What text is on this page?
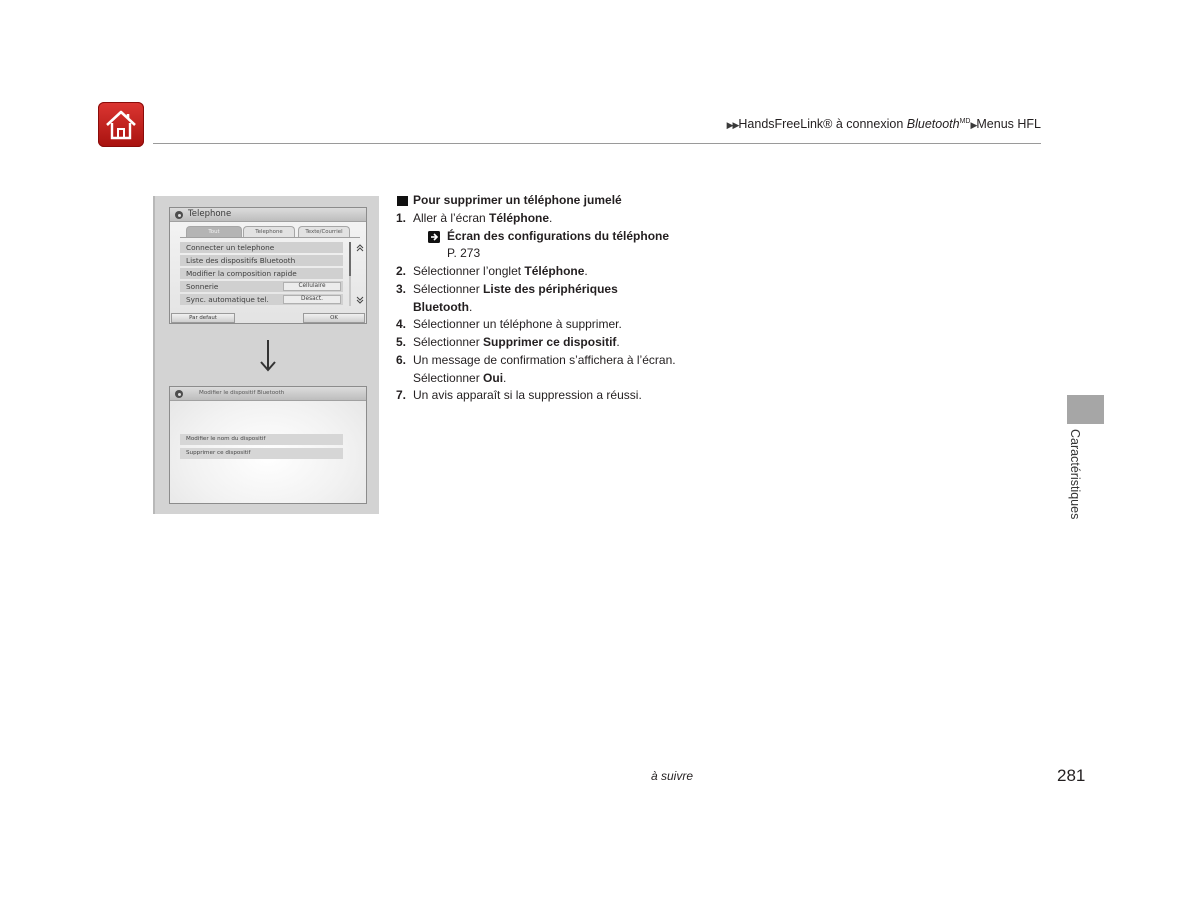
▶▶HandsFreeLink® à connexion Bluetooth$^{MD}$▶Menus HFL
Telephone
Tout	Telephone	Texte/Courriel
Connecter un telephone
Liste des dispositifs Bluetooth
Modifier la composition rapide
Sonnerie	Cellulaire
Sync. automatique tel.	Desact.
Par defaut	OK
Modifier le dispositif Bluetooth
Modifier le nom du dispositif
Supprimer ce dispositif
Pour supprimer un téléphone jumelé
1. Aller à l’écran Téléphone.
Écran des configurations du téléphone
P. 273
2. Sélectionner l’onglet Téléphone.
3. Sélectionner Liste des périphériques
Bluetooth.
4. Sélectionner un téléphone à supprimer.
5. Sélectionner Supprimer ce dispositif.
6. Un message de confirmation s’affichera à l’écran.
Sélectionner Oui.
7. Un avis apparaît si la suppression a réussi.
Caractéristiques
à suivre	281
